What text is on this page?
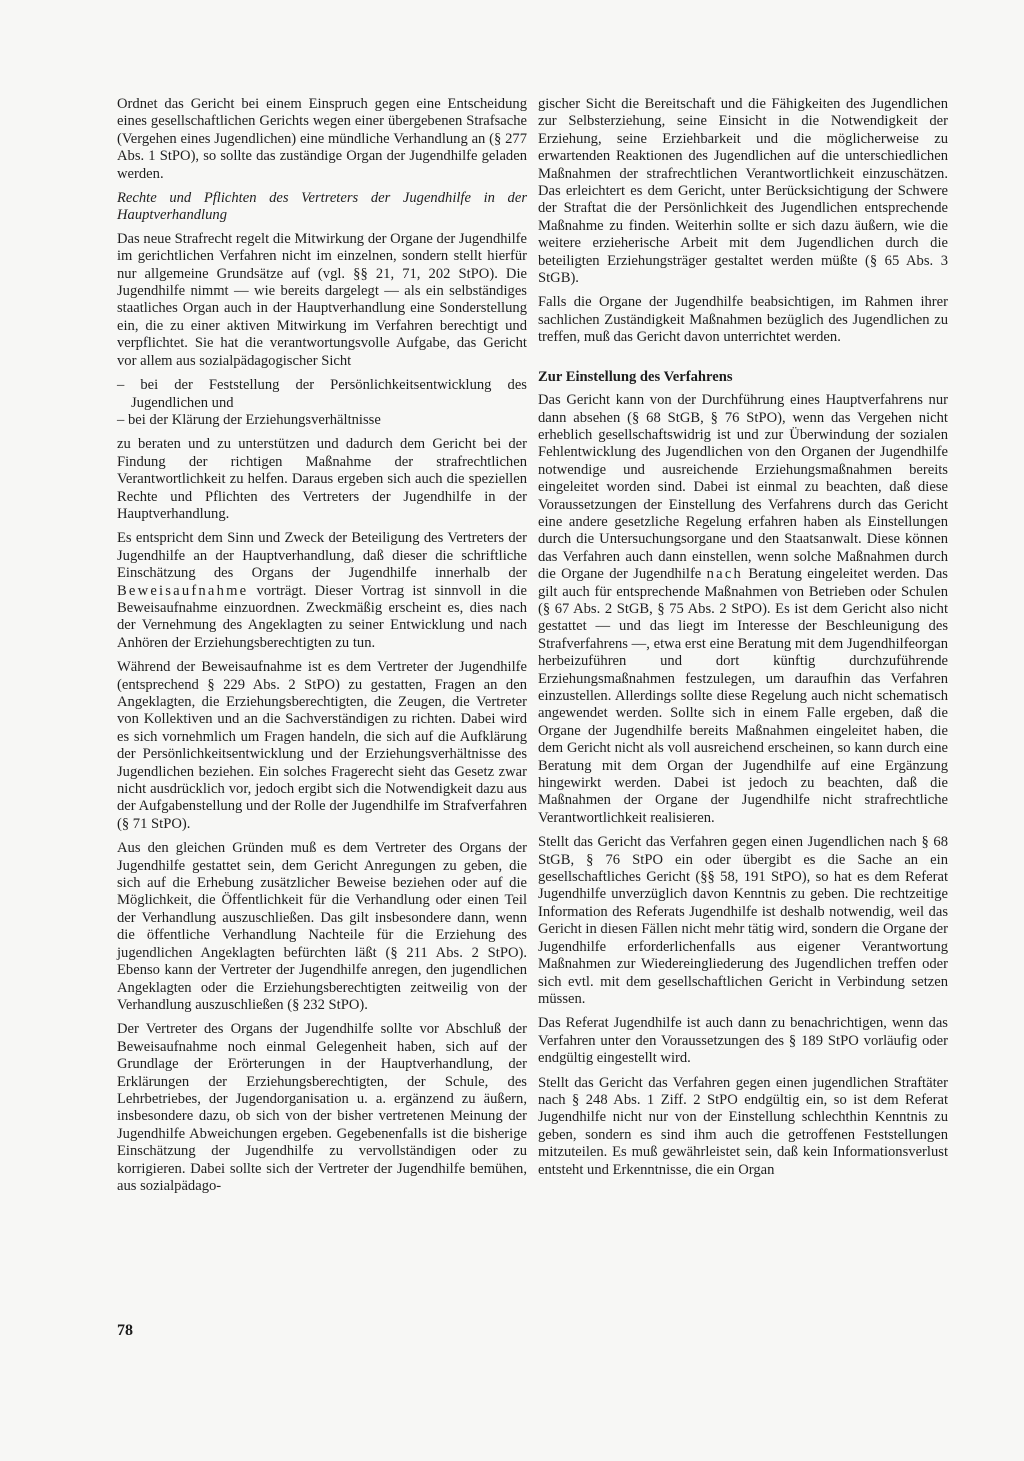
Ordnet das Gericht bei einem Einspruch gegen eine Entscheidung eines gesellschaftlichen Gerichts wegen einer übergebenen Strafsache (Vergehen eines Jugendlichen) eine mündliche Verhandlung an (§ 277 Abs. 1 StPO), so sollte das zuständige Organ der Jugendhilfe geladen werden.

Rechte und Pflichten des Vertreters der Jugendhilfe in der Hauptverhandlung

Das neue Strafrecht regelt die Mitwirkung der Organe der Jugendhilfe im gerichtlichen Verfahren nicht im einzelnen, sondern stellt hierfür nur allgemeine Grundsätze auf (vgl. §§ 21, 71, 202 StPO). Die Jugendhilfe nimmt — wie bereits dargelegt — als ein selbständiges staatliches Organ auch in der Hauptverhandlung eine Sonderstellung ein, die zu einer aktiven Mitwirkung im Verfahren berechtigt und verpflichtet. Sie hat die verantwortungsvolle Aufgabe, das Gericht vor allem aus sozialpädagogischer Sicht

– bei der Feststellung der Persönlichkeitsentwicklung des Jugendlichen und
– bei der Klärung der Erziehungsverhältnisse

zu beraten und zu unterstützen und dadurch dem Gericht bei der Findung der richtigen Maßnahme der strafrechtlichen Verantwortlichkeit zu helfen. Daraus ergeben sich auch die speziellen Rechte und Pflichten des Vertreters der Jugendhilfe in der Hauptverhandlung.

Es entspricht dem Sinn und Zweck der Beteiligung des Vertreters der Jugendhilfe an der Hauptverhandlung, daß dieser die schriftliche Einschätzung des Organs der Jugendhilfe innerhalb der Beweisaufnahme vorträgt. Dieser Vortrag ist sinnvoll in die Beweisaufnahme einzuordnen. Zweckmäßig erscheint es, dies nach der Vernehmung des Angeklagten zu seiner Entwicklung und nach Anhören der Erziehungsberechtigten zu tun.

Während der Beweisaufnahme ist es dem Vertreter der Jugendhilfe (entsprechend § 229 Abs. 2 StPO) zu gestatten, Fragen an den Angeklagten, die Erziehungsberechtigten, die Zeugen, die Vertreter von Kollektiven und an die Sachverständigen zu richten. Dabei wird es sich vornehmlich um Fragen handeln, die sich auf die Aufklärung der Persönlichkeitsentwicklung und der Erziehungsverhältnisse des Jugendlichen beziehen. Ein solches Fragerecht sieht das Gesetz zwar nicht ausdrücklich vor, jedoch ergibt sich die Notwendigkeit dazu aus der Aufgabenstellung und der Rolle der Jugendhilfe im Strafverfahren (§ 71 StPO).

Aus den gleichen Gründen muß es dem Vertreter des Organs der Jugendhilfe gestattet sein, dem Gericht Anregungen zu geben, die sich auf die Erhebung zusätzlicher Beweise beziehen oder auf die Möglichkeit, die Öffentlichkeit für die Verhandlung oder einen Teil der Verhandlung auszuschließen. Das gilt insbesondere dann, wenn die öffentliche Verhandlung Nachteile für die Erziehung des jugendlichen Angeklagten befürchten läßt (§ 211 Abs. 2 StPO). Ebenso kann der Vertreter der Jugendhilfe anregen, den jugendlichen Angeklagten oder die Erziehungsberechtigten zeitweilig von der Verhandlung auszuschließen (§ 232 StPO).

Der Vertreter des Organs der Jugendhilfe sollte vor Abschluß der Beweisaufnahme noch einmal Gelegenheit haben, sich auf der Grundlage der Erörterungen in der Hauptverhandlung, der Erklärungen der Erziehungsberechtigten, der Schule, des Lehrbetriebes, der Jugendorganisation u. a. ergänzend zu äußern, insbesondere dazu, ob sich von der bisher vertretenen Meinung der Jugendhilfe Abweichungen ergeben. Gegebenenfalls ist die bisherige Einschätzung der Jugendhilfe zu vervollständigen oder zu korrigieren. Dabei sollte sich der Vertreter der Jugendhilfe bemühen, aus sozialpädago-

gischer Sicht die Bereitschaft und die Fähigkeiten des Jugendlichen zur Selbsterziehung, seine Einsicht in die Notwendigkeit der Erziehung, seine Erziehbarkeit und die möglicherweise zu erwartenden Reaktionen des Jugendlichen auf die unterschiedlichen Maßnahmen der strafrechtlichen Verantwortlichkeit einzuschätzen. Das erleichtert es dem Gericht, unter Berücksichtigung der Schwere der Straftat die der Persönlichkeit des Jugendlichen entsprechende Maßnahme zu finden. Weiterhin sollte er sich dazu äußern, wie die weitere erzieherische Arbeit mit dem Jugendlichen durch die beteiligten Erziehungsträger gestaltet werden müßte (§ 65 Abs. 3 StGB).

Falls die Organe der Jugendhilfe beabsichtigen, im Rahmen ihrer sachlichen Zuständigkeit Maßnahmen bezüglich des Jugendlichen zu treffen, muß das Gericht davon unterrichtet werden.

Zur Einstellung des Verfahrens

Das Gericht kann von der Durchführung eines Hauptverfahrens nur dann absehen (§ 68 StGB, § 76 StPO), wenn das Vergehen nicht erheblich gesellschaftswidrig ist und zur Überwindung der sozialen Fehlentwicklung des Jugendlichen von den Organen der Jugendhilfe notwendige und ausreichende Erziehungsmaßnahmen bereits eingeleitet worden sind. Dabei ist einmal zu beachten, daß diese Voraussetzungen der Einstellung des Verfahrens durch das Gericht eine andere gesetzliche Regelung erfahren haben als Einstellungen durch die Untersuchungsorgane und den Staatsanwalt. Diese können das Verfahren auch dann einstellen, wenn solche Maßnahmen durch die Organe der Jugendhilfe nach Beratung eingeleitet werden. Das gilt auch für entsprechende Maßnahmen von Betrieben oder Schulen (§ 67 Abs. 2 StGB, § 75 Abs. 2 StPO). Es ist dem Gericht also nicht gestattet — und das liegt im Interesse der Beschleunigung des Strafverfahrens —, etwa erst eine Beratung mit dem Jugendhilfeorgan herbeizuführen und dort künftig durchzuführende Erziehungsmaßnahmen festzulegen, um daraufhin das Verfahren einzustellen. Allerdings sollte diese Regelung auch nicht schematisch angewendet werden. Sollte sich in einem Falle ergeben, daß die Organe der Jugendhilfe bereits Maßnahmen eingeleitet haben, die dem Gericht nicht als voll ausreichend erscheinen, so kann durch eine Beratung mit dem Organ der Jugendhilfe auf eine Ergänzung hingewirkt werden. Dabei ist jedoch zu beachten, daß die Maßnahmen der Organe der Jugendhilfe nicht strafrechtliche Verantwortlichkeit realisieren.

Stellt das Gericht das Verfahren gegen einen Jugendlichen nach § 68 StGB, § 76 StPO ein oder übergibt es die Sache an ein gesellschaftliches Gericht (§§ 58, 191 StPO), so hat es dem Referat Jugendhilfe unverzüglich davon Kenntnis zu geben. Die rechtzeitige Information des Referats Jugendhilfe ist deshalb notwendig, weil das Gericht in diesen Fällen nicht mehr tätig wird, sondern die Organe der Jugendhilfe erforderlichenfalls aus eigener Verantwortung Maßnahmen zur Wiedereingliederung des Jugendlichen treffen oder sich evtl. mit dem gesellschaftlichen Gericht in Verbindung setzen müssen.

Das Referat Jugendhilfe ist auch dann zu benachrichtigen, wenn das Verfahren unter den Voraussetzungen des § 189 StPO vorläufig oder endgültig eingestellt wird.

Stellt das Gericht das Verfahren gegen einen jugendlichen Straftäter nach § 248 Abs. 1 Ziff. 2 StPO endgültig ein, so ist dem Referat Jugendhilfe nicht nur von der Einstellung schlechthin Kenntnis zu geben, sondern es sind ihm auch die getroffenen Feststellungen mitzuteilen. Es muß gewährleistet sein, daß kein Informationsverlust entsteht und Erkenntnisse, die ein Organ

78
